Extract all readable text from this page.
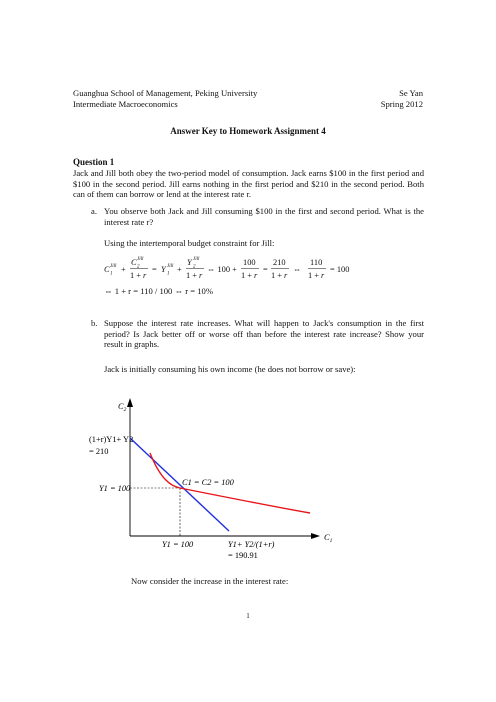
Guanghua School of Management, Peking University	Se Yan
Intermediate Macroeconomics	Spring 2012
Answer Key to Homework Assignment 4
Question 1
Jack and Jill both obey the two-period model of consumption. Jack earns $100 in the first period and $100 in the second period. Jill earns nothing in the first period and $210 in the second period. Both can of them can borrow or lend at the interest rate r.
a. You observe both Jack and Jill consuming $100 in the first and second period. What is the interest rate r?
Using the intertemporal budget constraint for Jill:
C 1
Jill +
C 2
Jill
1 + r
= Y 1
Jill +
Y 2
Jill
1 + r
⇔ 100 +
100
1 + r
=
210
1 + r
⇔
110
1 + r
= 100
⇔ 1 + r = 110 / 100 ⇔ r = 10%
b. Suppose the interest rate increases. What will happen to Jack's consumption in the first period? Is Jack better off or worse off than before the interest rate increase? Show your result in graphs.
Jack is initially consuming his own income (he does not borrow or save):
$C_2$
$C_1$
(1+r)Y1+ Y2
= 210
Y1 = 100
C1 = C2 = 100
Y1 = 100	Y1+ Y2/(1+r)
= 190.91
Now consider the increase in the interest rate:
1
